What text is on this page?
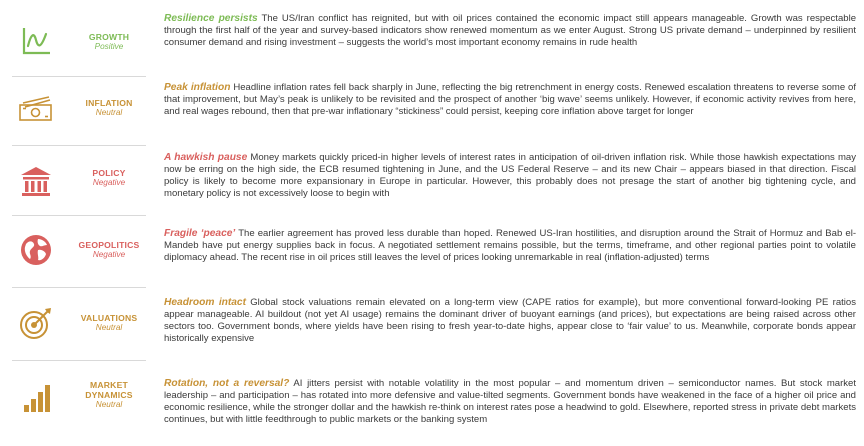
GROWTH
Positive
Resilience persists The US/Iran conflict has reignited, but with oil prices contained the economic impact still appears manageable. Growth was respectable through the first half of the year and survey-based indicators show renewed momentum as we enter August. Strong US private demand – underpinned by resilient consumer demand and rising investment – suggests the world’s most important economy remains in rude health
INFLATION
Neutral
Peak inflation Headline inflation rates fell back sharply in June, reflecting the big retrenchment in energy costs. Renewed escalation threatens to reverse some of that improvement, but May’s peak is unlikely to be revisited and the prospect of another ‘big wave’ seems unlikely. However, if economic activity revives from here, and real wages rebound, then that pre-war inflationary “stickiness” could persist, keeping core inflation above target for longer
POLICY
Negative
A hawkish pause Money markets quickly priced-in higher levels of interest rates in anticipation of oil-driven inflation risk. While those hawkish expectations may now be erring on the high side, the ECB resumed tightening in June, and the US Federal Reserve – and its new Chair – appears biased in that direction. Fiscal policy is likely to become more expansionary in Europe in particular. However, this probably does not presage the start of another big tightening cycle, and monetary policy is not excessively loose to begin with
GEOPOLITICS
Negative
Fragile ‘peace’ The earlier agreement has proved less durable than hoped. Renewed US-Iran hostilities, and disruption around the Strait of Hormuz and Bab el-Mandeb have put energy supplies back in focus. A negotiated settlement remains possible, but the terms, timeframe, and other regional parties point to volatile diplomacy ahead. The recent rise in oil prices still leaves the level of prices looking unremarkable in real (inflation-adjusted) terms
VALUATIONS
Neutral
Headroom intact Global stock valuations remain elevated on a long-term view (CAPE ratios for example), but more conventional forward-looking PE ratios appear manageable. AI buildout (not yet AI usage) remains the dominant driver of buoyant earnings (and prices), but expectations are being raised across other sectors too. Government bonds, where yields have been rising to fresh year-to-date highs, appear close to ‘fair value’ to us. Meanwhile, corporate bonds appear historically expensive
MARKET
DYNAMICS
Neutral
Rotation, not a reversal? AI jitters persist with notable volatility in the most popular – and momentum driven – semiconductor names. But stock market leadership – and participation – has rotated into more defensive and value-tilted segments. Government bonds have weakened in the face of a higher oil price and economic resilience, while the stronger dollar and the hawkish re-think on interest rates pose a headwind to gold. Elsewhere, reported stress in private debt markets continues, but with little feedthrough to public markets or the banking system
